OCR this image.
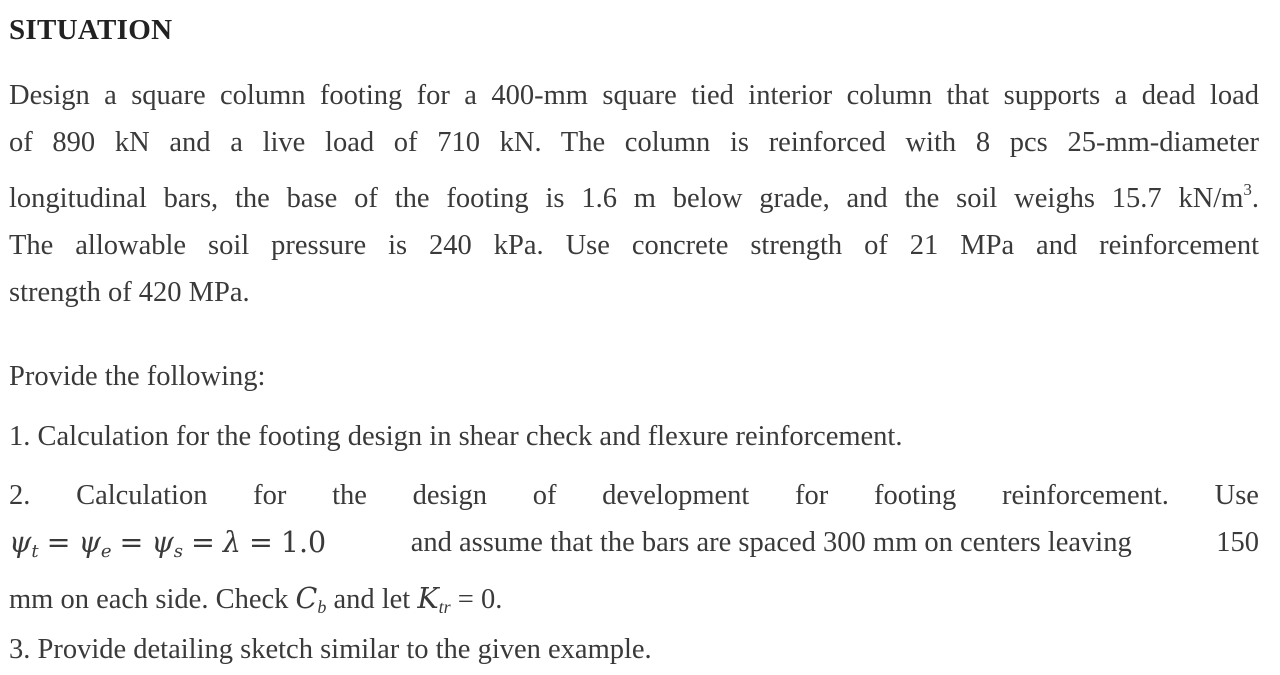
SITUATION

Design a square column footing for a 400-mm square tied interior column that supports a dead load
of 890 kN and a live load of 710 kN. The column is reinforced with 8 pcs 25-mm-diameter
longitudinal bars, the base of the footing is 1.6 m below grade, and the soil weighs 15.7 $kN/m^3$.
The allowable soil pressure is 240 kPa. Use concrete strength of 21 MPa and reinforcement
strength of 420 MPa.

Provide the following:

1. Calculation for the footing design in shear check and flexure reinforcement.

2. Calculation for the design of development for footing reinforcement. Use
$\psi_t = \psi_e = \psi_s = \lambda = 1.0$	and assume that the bars are spaced 300 mm on centers leaving	150
mm on each side. Check $C_b$ and let $K_{tr} = 0$.

3. Provide detailing sketch similar to the given example.
